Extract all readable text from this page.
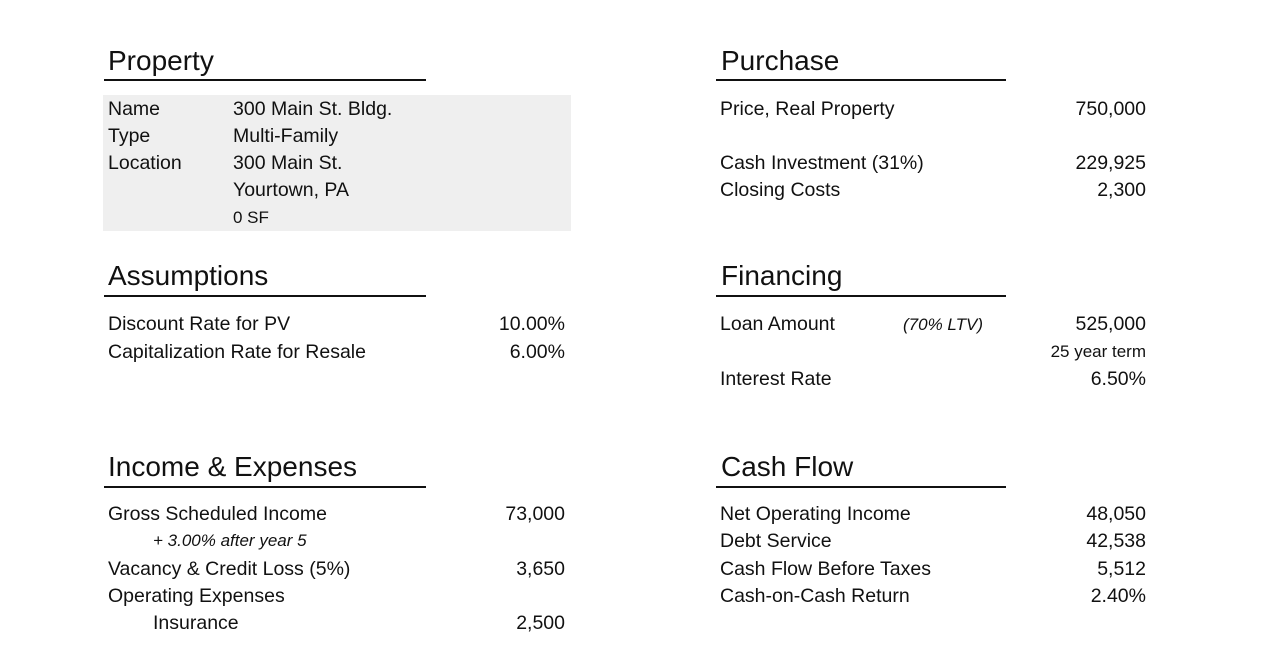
Property
Name	300 Main St. Bldg.
Type	Multi-Family
Location	300 Main St.
Yourtown, PA
0 SF
Assumptions
Discount Rate for PV	10.00%
Capitalization Rate for Resale	6.00%
Income & Expenses
Gross Scheduled Income	73,000
+ 3.00% after year 5
Vacancy & Credit Loss (5%)	3,650
Operating Expenses
Insurance	2,500
Purchase
Price, Real Property	750,000
Cash Investment (31%)	229,925
Closing Costs	2,300
Financing
Loan Amount	(70% LTV)	525,000
25 year term
Interest Rate	6.50%
Cash Flow
Net Operating Income	48,050
Debt Service	42,538
Cash Flow Before Taxes	5,512
Cash-on-Cash Return	2.40%
